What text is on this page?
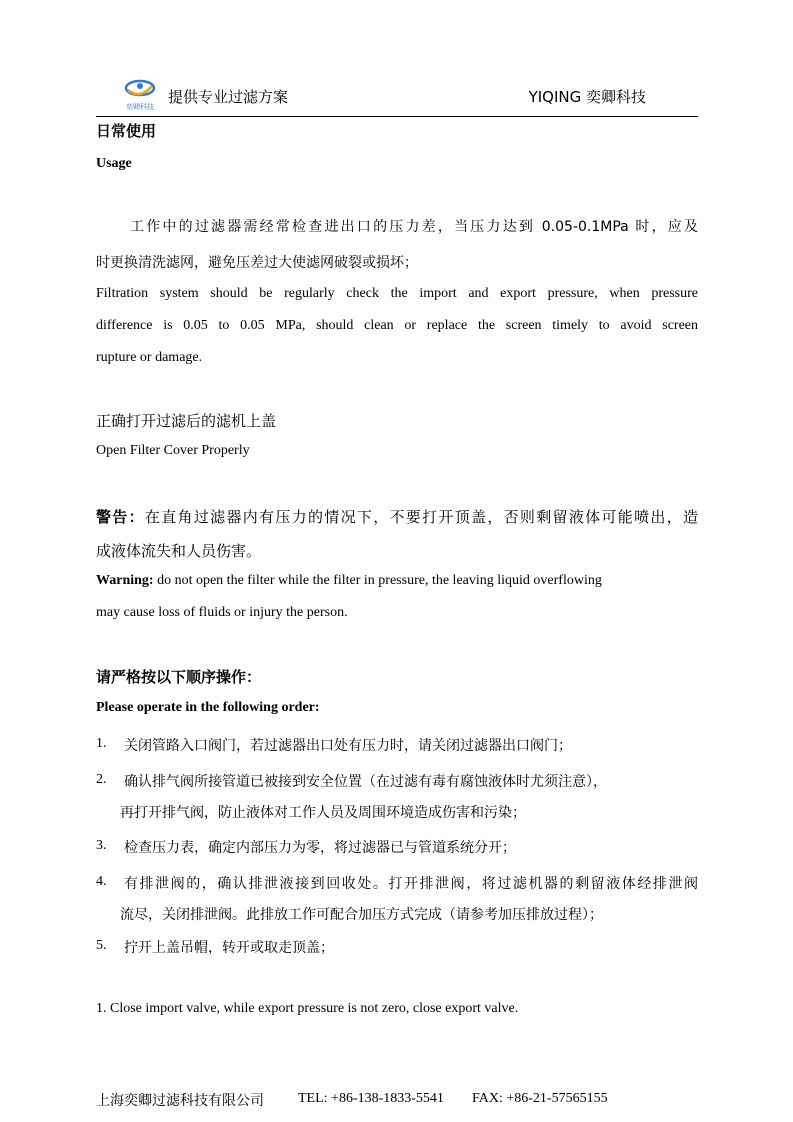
奕卿科技
提供专业过滤方案	YIQING 奕卿科技
日常使用
Usage
工作中的过滤器需经常检查进出口的压力差，当压力达到 0.05-0.1MPa 时，应及
时更换清洗滤网，避免压差过大使滤网破裂或损坏；
Filtration system should be regularly check the import and export pressure, when pressure
difference is 0.05 to 0.05 MPa, should clean or replace the screen timely to avoid screen
rupture or damage.
正确打开过滤后的滤机上盖
Open Filter Cover Properly
警告：在直角过滤器内有压力的情况下，不要打开顶盖，否则剩留液体可能喷出，造
成液体流失和人员伤害。
Warning: do not open the filter while the filter in pressure, the leaving liquid overflowing
may cause loss of fluids or injury the person.
请严格按以下顺序操作：
Please operate in the following order:
1. 关闭管路入口阀门，若过滤器出口处有压力时，请关闭过滤器出口阀门；
2. 确认排气阀所接管道已被接到安全位置（在过滤有毒有腐蚀液体时尤须注意），
再打开排气阀，防止液体对工作人员及周围环境造成伤害和污染；
3. 检查压力表，确定内部压力为零，将过滤器已与管道系统分开；
4. 有排泄阀的，确认排泄液接到回收处。打开排泄阀，将过滤机器的剩留液体经排泄阀
流尽，关闭排泄阀。此排放工作可配合加压方式完成（请参考加压排放过程）；
5. 拧开上盖吊帽，转开或取走顶盖；
1. Close import valve, while export pressure is not zero, close export valve.
上海奕卿过滤科技有限公司 TEL: +86-138-1833-5541 FAX: +86-21-57565155
